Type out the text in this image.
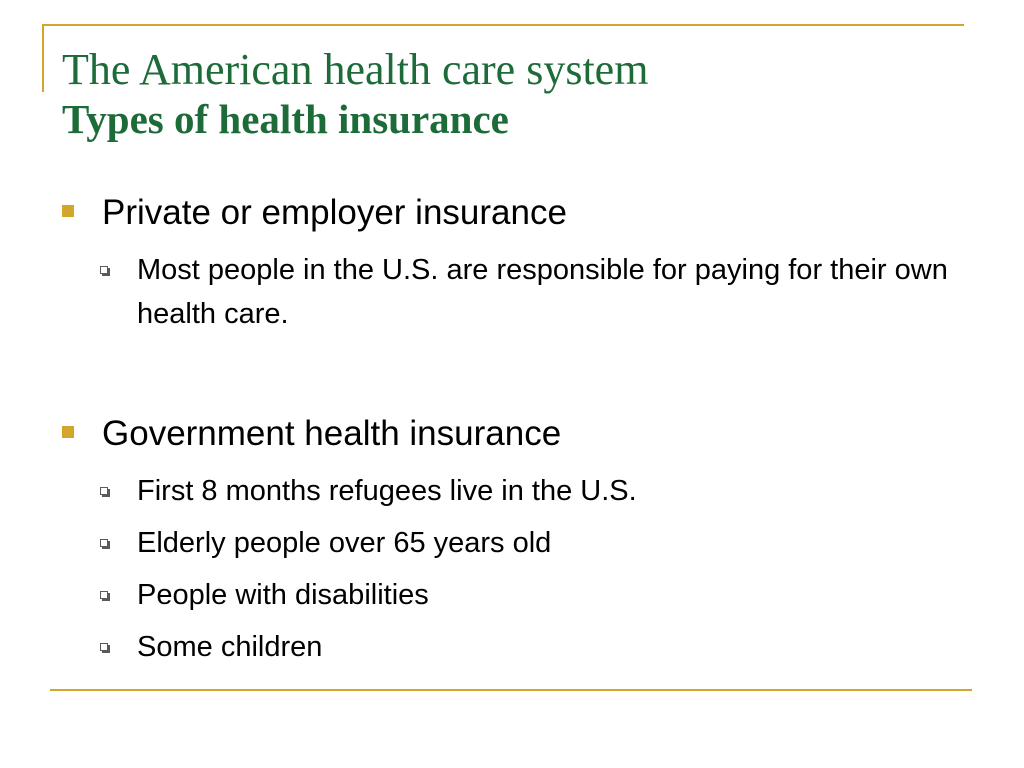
The American health care system
Types of health insurance
Private or employer insurance
Most people in the U.S. are responsible for paying for their own health care.
Government health insurance
First 8 months refugees live in the U.S.
Elderly people over 65 years old
People with disabilities
Some children
